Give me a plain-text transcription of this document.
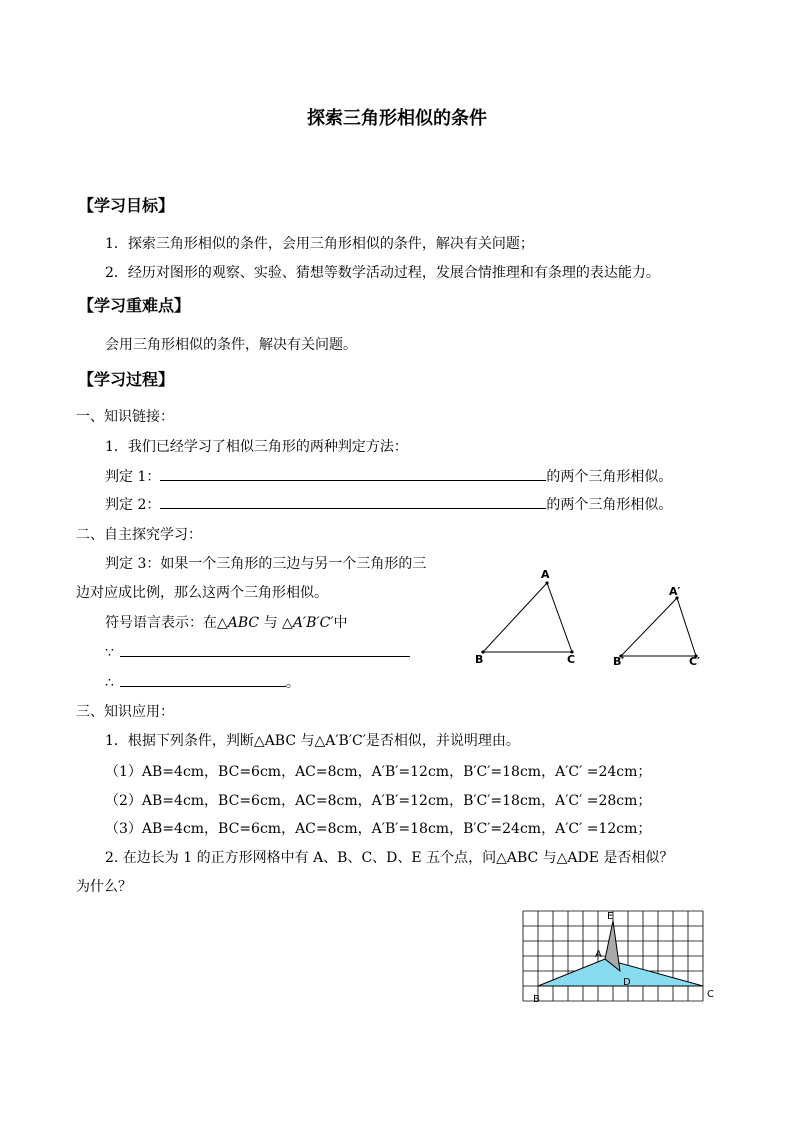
探索三角形相似的条件
【学习目标】
1．探索三角形相似的条件，会用三角形相似的条件，解决有关问题；
2．经历对图形的观察、实验、猜想等数学活动过程，发展合情推理和有条理的表达能力。
【学习重难点】
会用三角形相似的条件，解决有关问题。
【学习过程】
一、知识链接：
1．我们已经学习了相似三角形的两种判定方法：
判定 1：	的两个三角形相似。
判定 2：	的两个三角形相似。
二、自主探究学习：
判定 3：如果一个三角形的三边与另一个三角形的三
边对应成比例，那么这两个三角形相似。
符号语言表示：在△ABC 与 △A′B′C′中
∵
∴	。
三、知识应用：
1．根据下列条件，判断△ABC 与△A′B′C′是否相似，并说明理由。
（1）AB=4cm，BC=6cm，AC=8cm，A′B′=12cm，B′C′=18cm，A′C′ =24cm；
（2）AB=4cm，BC=6cm，AC=8cm，A′B′=12cm，B′C′=18cm，A′C′ =28cm；
（3）AB=4cm，BC=6cm，AC=8cm，A′B′=18cm，B′C′=24cm，A′C′ =12cm；
2. 在边长为 1 的正方形网格中有 A、B、C、D、E 五个点，问△ABC 与△ADE 是否相似？
为什么？
A
B	C
A′
B′	C′
B	C
A
D
E
